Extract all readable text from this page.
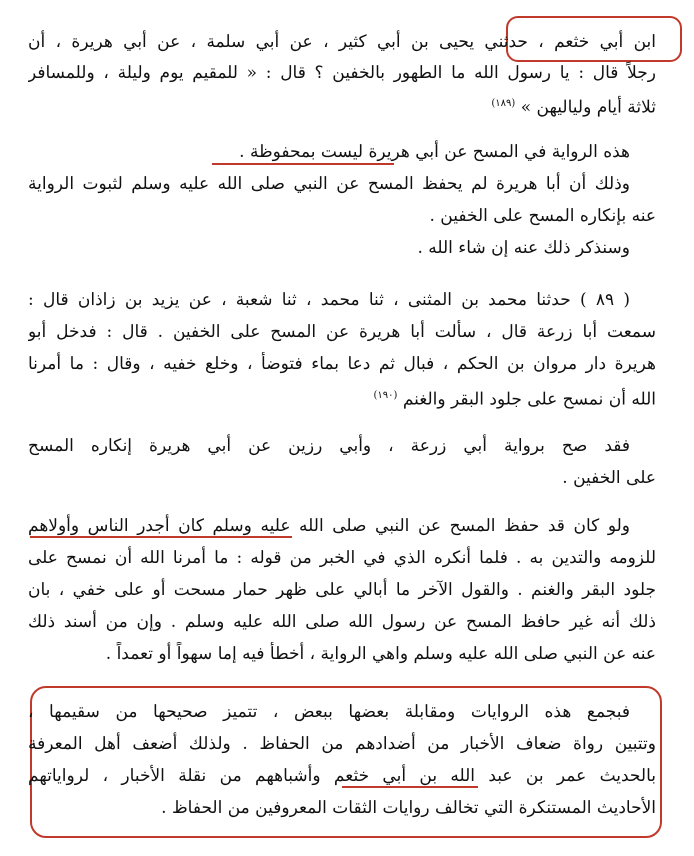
ابن أبي خثعم ، حدثني يحيى بن أبي كثير ، عن أبي سلمة ، عن أبي هريرة ، أن
رجلاً قال : يا رسول الله ما الطهور بالخفين ؟ قال : « للمقيم يوم وليلة ، وللمسافر
ثلاثة أيام ولياليهن » $^{(١٨٩)}$
هذه الرواية في المسح عن أبي هريرة ليست بمحفوظة .
وذلك أن أبا هريرة لم يحفظ المسح عن النبي صلى الله عليه وسلم لثبوت الرواية
عنه بإنكاره المسح على الخفين .
وسنذكر ذلك عنه إن شاء الله .
( ٨٩ ) حدثنا محمد بن المثنى ، ثنا محمد ، ثنا شعبة ، عن يزيد بن زاذان قال :
سمعت أبا زرعة قال ، سألت أبا هريرة عن المسح على الخفين . قال : فدخل أبو
هريرة دار مروان بن الحكم ، فبال ثم دعا بماء فتوضأ ، وخلع خفيه ، وقال : ما أمرنا
الله أن نمسح على جلود البقر والغنم $^{(١٩٠)}$
فقد صح برواية أبي زرعة ، وأبي رزين عن أبي هريرة إنكاره المسح
على الخفين .
ولو كان قد حفظ المسح عن النبي صلى الله عليه وسلم كان أجدر الناس وأولاهم
للزومه والتدين به . فلما أنكره الذي في الخبر من قوله : ما أمرنا الله أن نمسح على
جلود البقر والغنم . والقول الآخر ما أبالي على ظهر حمار مسحت أو على خفي ، بان
ذلك أنه غير حافظ المسح عن رسول الله صلى الله عليه وسلم . وإن من أسند ذلك
عنه عن النبي صلى الله عليه وسلم واهي الرواية ، أخطأ فيه إما سهواً أو تعمداً .
فبجمع هذه الروايات ومقابلة بعضها ببعض ، تتميز صحيحها من سقيمها ،
وتتبين رواة ضعاف الأخبار من أضدادهم من الحفاظ . ولذلك أضعف أهل المعرفة
بالحديث عمر بن عبد الله بن أبي خثعم وأشباههم من نقلة الأخبار ، لرواياتهم
الأحاديث المستنكرة التي تخالف روايات الثقات المعروفين من الحفاظ .
